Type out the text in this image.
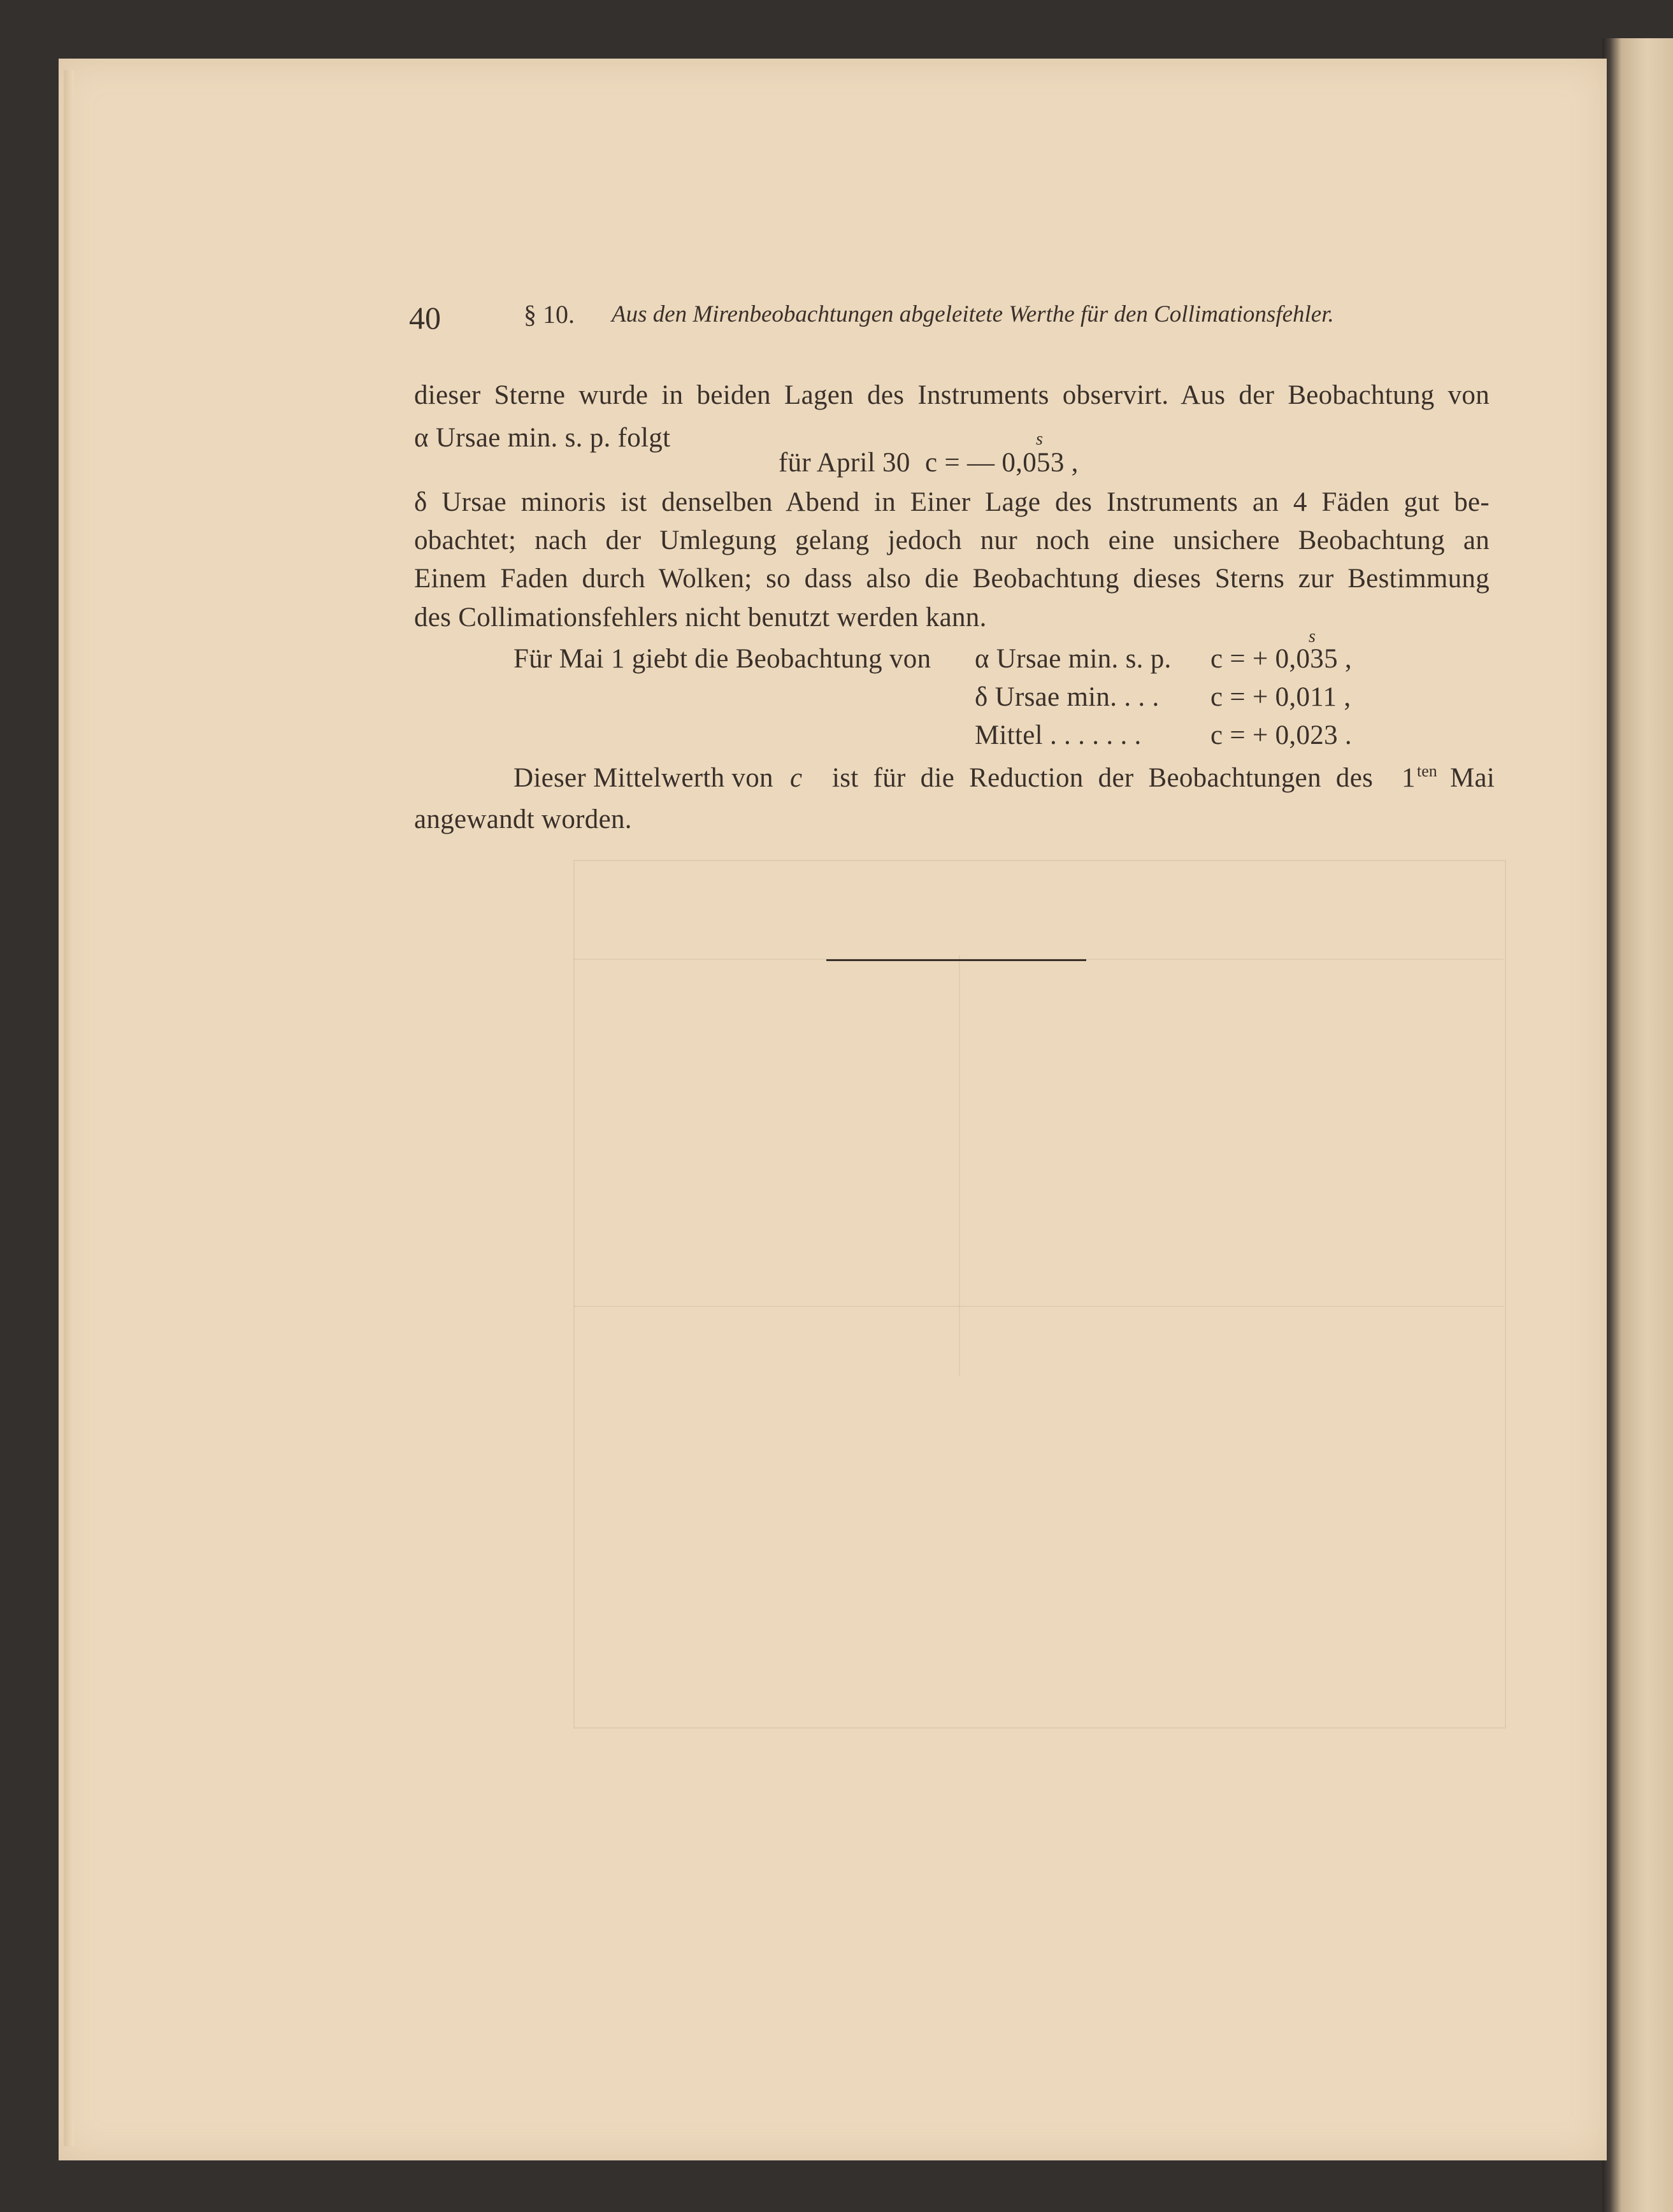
40	§ 10. Aus den Mirenbeobachtungen abgeleitete Werthe für den Collimationsfehler.
dieser Sterne wurde in beiden Lagen des Instruments observirt. Aus der Beobachtung von
α Ursae min. s. p. folgt	s
für April 30 c = — 0,053 ,
δ Ursae minoris ist denselben Abend in Einer Lage des Instruments an 4 Fäden gut be-
obachtet; nach der Umlegung gelang jedoch nur noch eine unsichere Beobachtung an
Einem Faden durch Wolken; so dass also die Beobachtung dieses Sterns zur Bestimmung
des Collimationsfehlers nicht benutzt werden kann.
s
Für Mai 1 giebt die Beobachtung von α Ursae min. s. p. c = + 0,035 ,
δ Ursae min. . . . c = + 0,011 ,
Mittel . . . . . . .	c = + 0,023 .
Dieser Mittelwerth von c ist für die Reduction der Beobachtungen des 1 ten Mai
angewandt worden.
